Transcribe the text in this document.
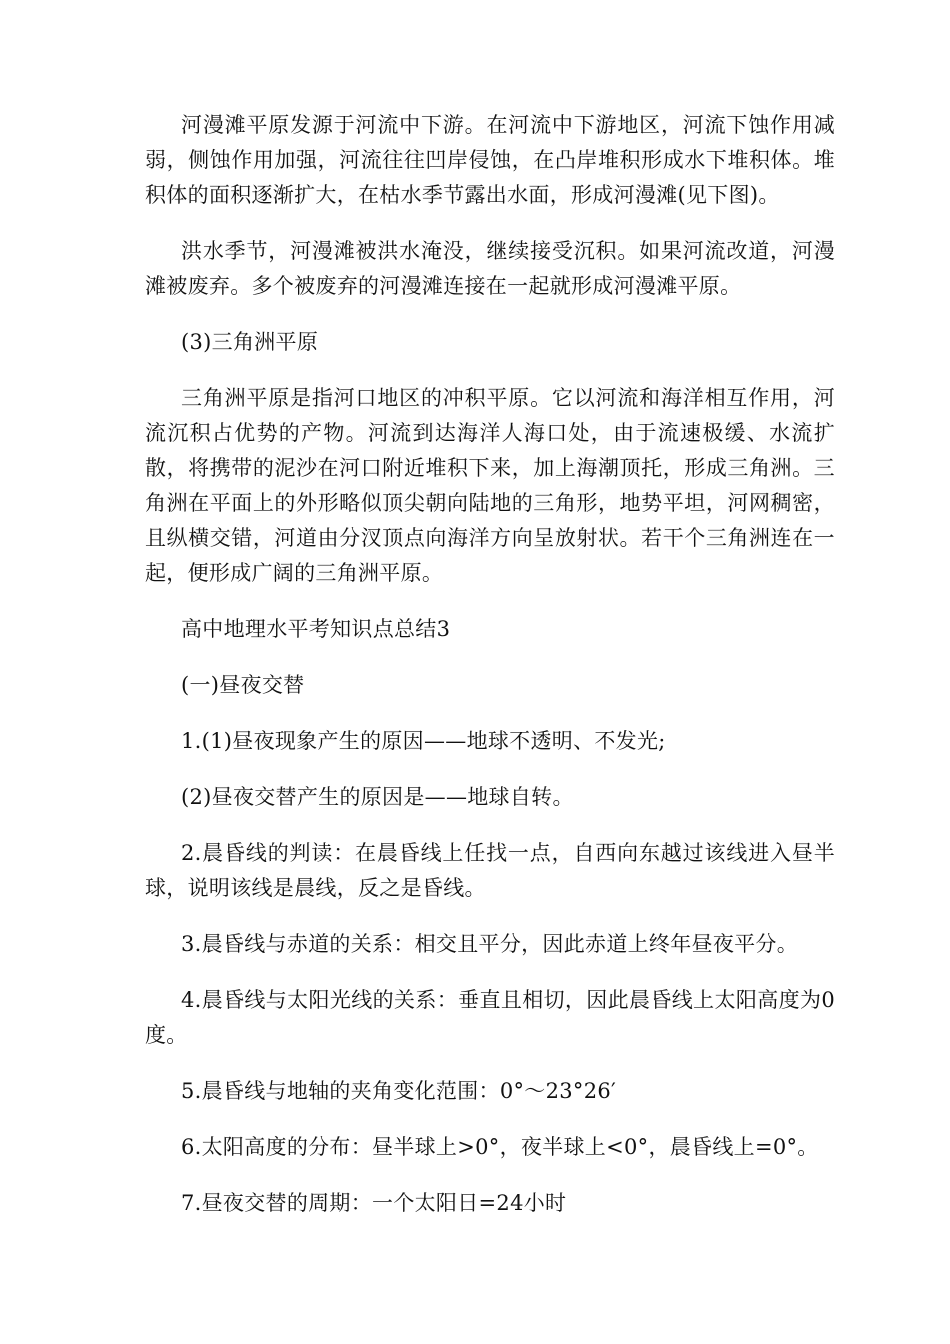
河漫滩平原发源于河流中下游。在河流中下游地区，河流下蚀作用减弱，侧蚀作用加强，河流往往凹岸侵蚀，在凸岸堆积形成水下堆积体。堆积体的面积逐渐扩大，在枯水季节露出水面，形成河漫滩(见下图)。

洪水季节，河漫滩被洪水淹没，继续接受沉积。如果河流改道，河漫滩被废弃。多个被废弃的河漫滩连接在一起就形成河漫滩平原。

(3)三角洲平原

三角洲平原是指河口地区的冲积平原。它以河流和海洋相互作用，河流沉积占优势的产物。河流到达海洋人海口处，由于流速极缓、水流扩散，将携带的泥沙在河口附近堆积下来，加上海潮顶托，形成三角洲。三角洲在平面上的外形略似顶尖朝向陆地的三角形，地势平坦，河网稠密，且纵横交错，河道由分汊顶点向海洋方向呈放射状。若干个三角洲连在一起，便形成广阔的三角洲平原。

高中地理水平考知识点总结3

(一)昼夜交替

1.(1)昼夜现象产生的原因——地球不透明、不发光;

(2)昼夜交替产生的原因是——地球自转。

2.晨昏线的判读：在晨昏线上任找一点，自西向东越过该线进入昼半球，说明该线是晨线，反之是昏线。

3.晨昏线与赤道的关系：相交且平分，因此赤道上终年昼夜平分。

4.晨昏线与太阳光线的关系：垂直且相切，因此晨昏线上太阳高度为0度。

5.晨昏线与地轴的夹角变化范围：0°～23°26′

6.太阳高度的分布：昼半球上>0°，夜半球上<0°，晨昏线上=0°。

7.昼夜交替的周期：一个太阳日=24小时
